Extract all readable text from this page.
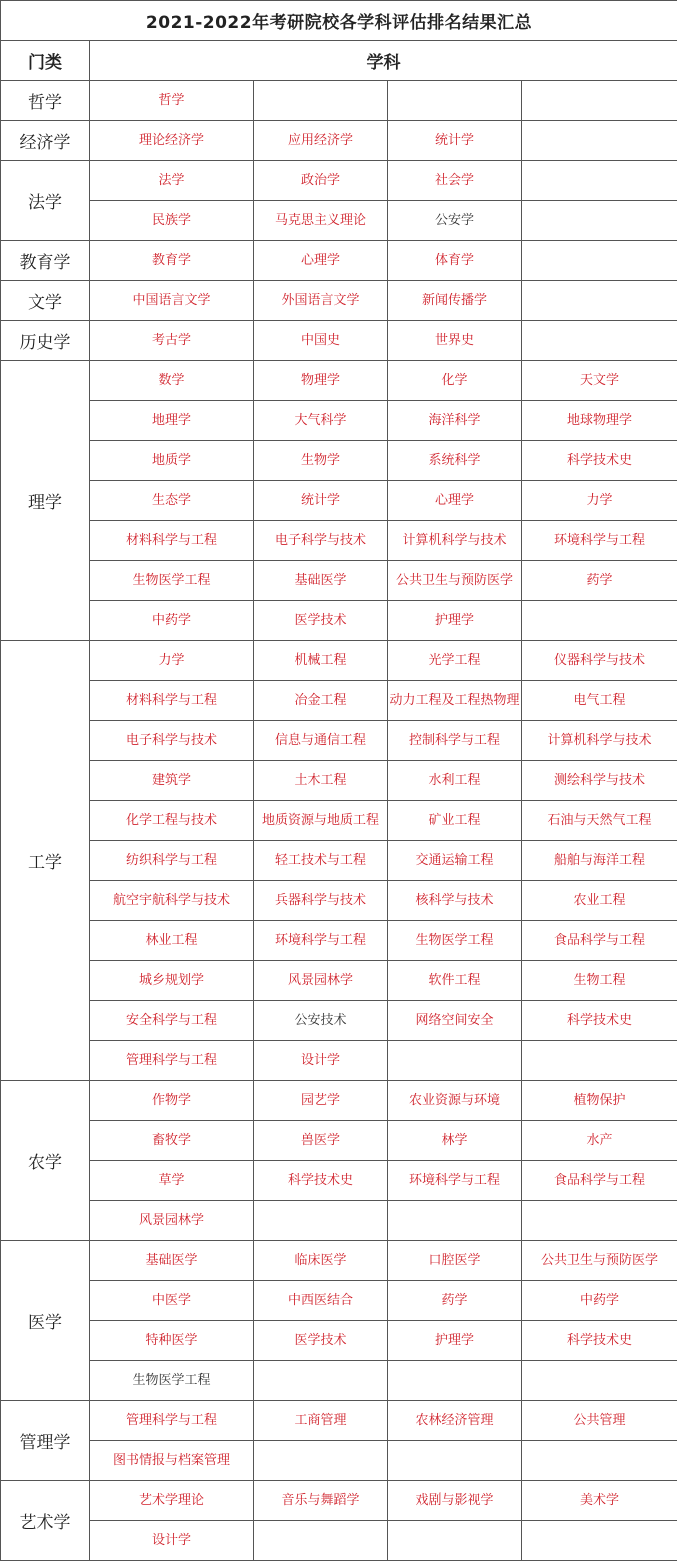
2021-2022年考研院校各学科评估排名结果汇总				
门类	学科			
哲学	哲学			
经济学	理论经济学	应用经济学	统计学	
法学	法学	政治学	社会学	
	民族学	马克思主义理论	公安学	
教育学	教育学	心理学	体育学	
文学	中国语言文学	外国语言文学	新闻传播学	
历史学	考古学	中国史	世界史	
理学	数学	物理学	化学	天文学
	地理学	大气科学	海洋科学	地球物理学
	地质学	生物学	系统科学	科学技术史
	生态学	统计学	心理学	力学
	材料科学与工程	电子科学与技术	计算机科学与技术	环境科学与工程
	生物医学工程	基础医学	公共卫生与预防医学	药学
	中药学	医学技术	护理学	
工学	力学	机械工程	光学工程	仪器科学与技术
	材料科学与工程	冶金工程	动力工程及工程热物理	电气工程
	电子科学与技术	信息与通信工程	控制科学与工程	计算机科学与技术
	建筑学	土木工程	水利工程	测绘科学与技术
	化学工程与技术	地质资源与地质工程	矿业工程	石油与天然气工程
	纺织科学与工程	轻工技术与工程	交通运输工程	船舶与海洋工程
	航空宇航科学与技术	兵器科学与技术	核科学与技术	农业工程
	林业工程	环境科学与工程	生物医学工程	食品科学与工程
	城乡规划学	风景园林学	软件工程	生物工程
	安全科学与工程	公安技术	网络空间安全	科学技术史
	管理科学与工程	设计学		
农学	作物学	园艺学	农业资源与环境	植物保护
	畜牧学	兽医学	林学	水产
	草学	科学技术史	环境科学与工程	食品科学与工程
	风景园林学			
医学	基础医学	临床医学	口腔医学	公共卫生与预防医学
	中医学	中西医结合	药学	中药学
	特种医学	医学技术	护理学	科学技术史
	生物医学工程			
管理学	管理科学与工程	工商管理	农林经济管理	公共管理
	图书情报与档案管理			
艺术学	艺术学理论	音乐与舞蹈学	戏剧与影视学	美术学
	设计学			
